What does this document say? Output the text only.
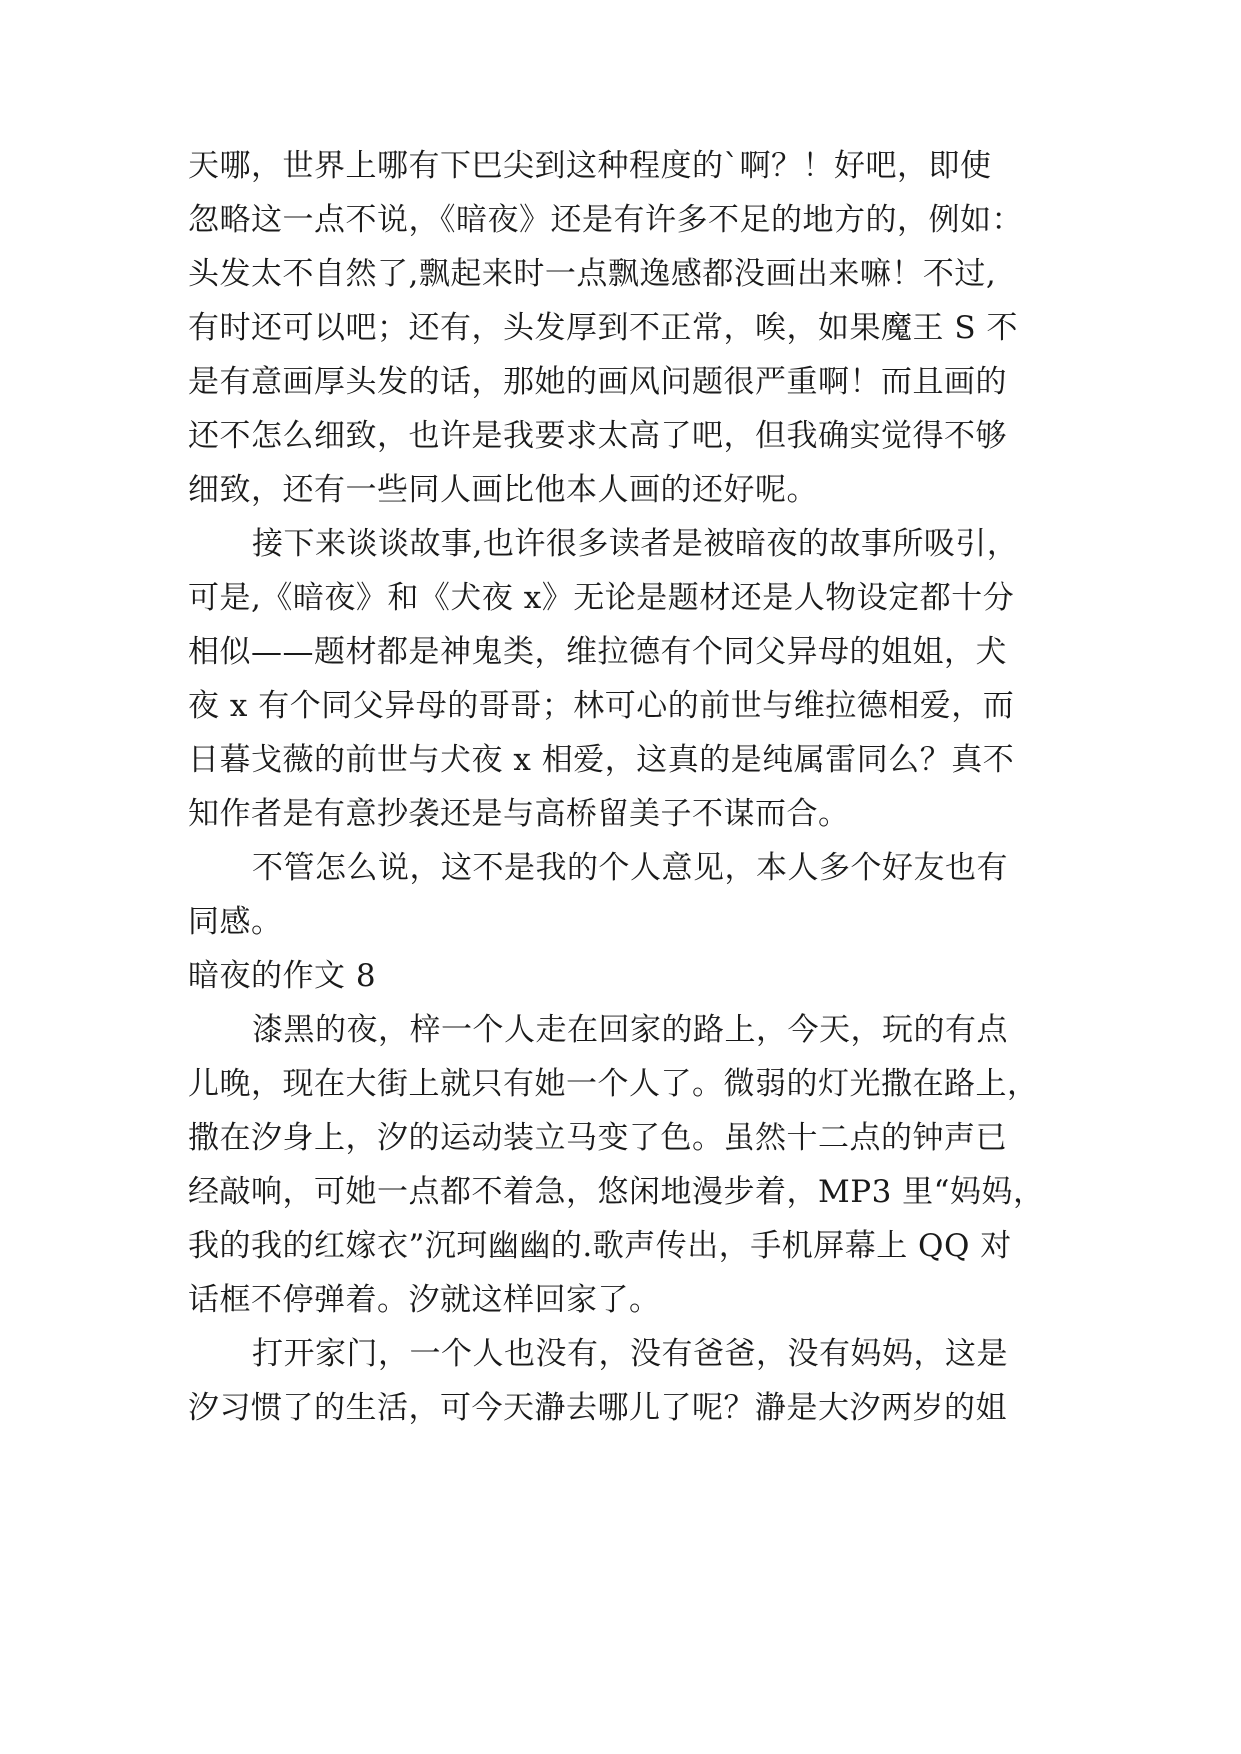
天哪，世界上哪有下巴尖到这种程度的`啊？！好吧，即使
忽略这一点不说，《暗夜》还是有许多不足的地方的，例如：
头发太不自然了,飘起来时一点飘逸感都没画出来嘛！不过,
有时还可以吧；还有，头发厚到不正常，唉，如果魔王 S 不
是有意画厚头发的话，那她的画风问题很严重啊！而且画的
还不怎么细致，也许是我要求太高了吧，但我确实觉得不够
细致，还有一些同人画比他本人画的还好呢。
接下来谈谈故事,也许很多读者是被暗夜的故事所吸引，
可是,《暗夜》和《犬夜 x》无论是题材还是人物设定都十分
相似——题材都是神鬼类，维拉德有个同父异母的姐姐，犬
夜 x 有个同父异母的哥哥；林可心的前世与维拉德相爱，而
日暮戈薇的前世与犬夜 x 相爱，这真的是纯属雷同么？真不
知作者是有意抄袭还是与高桥留美子不谋而合。
不管怎么说，这不是我的个人意见，本人多个好友也有
同感。
暗夜的作文 8
漆黑的夜，梓一个人走在回家的路上，今天，玩的有点
儿晚，现在大街上就只有她一个人了。微弱的灯光撒在路上，
撒在汐身上，汐的运动装立马变了色。虽然十二点的钟声已
经敲响，可她一点都不着急，悠闲地漫步着，MP3 里“妈妈，
我的我的红嫁衣”沉珂幽幽的.歌声传出，手机屏幕上 QQ 对
话框不停弹着。汐就这样回家了。
打开家门，一个人也没有，没有爸爸，没有妈妈，这是
汐习惯了的生活，可今天瀞去哪儿了呢？瀞是大汐两岁的姐
